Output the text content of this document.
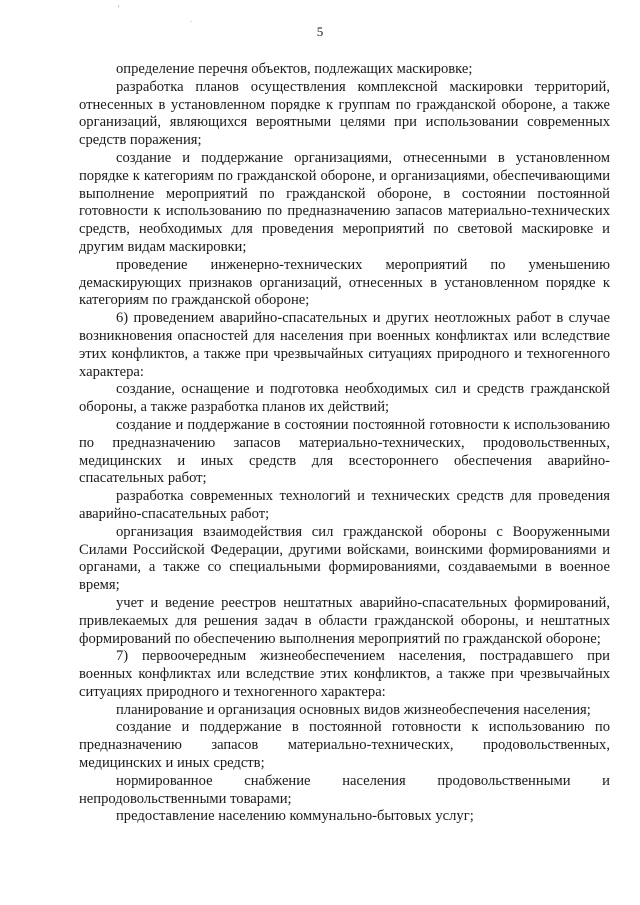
'
.
5

определение перечня объектов, подлежащих маскировке;

разработка планов осуществления комплексной маскировки территорий, отнесенных в установленном порядке к группам по гражданской обороне, а также организаций, являющихся вероятными целями при использовании современных средств поражения;

создание и поддержание организациями, отнесенными в установленном порядке к категориям по гражданской обороне, и организациями, обеспечивающими выполнение мероприятий по гражданской обороне, в состоянии постоянной готовности к использованию по предназначению запасов материально-технических средств, необходимых для проведения мероприятий по световой маскировке и другим видам маскировки;

проведение инженерно-технических мероприятий по уменьшению демаскирующих признаков организаций, отнесенных в установленном порядке к категориям по гражданской обороне;

6) проведением аварийно-спасательных и других неотложных работ в случае возникновения опасностей для населения при военных конфликтах или вследствие этих конфликтов, а также при чрезвычайных ситуациях природного и техногенного характера:

создание, оснащение и подготовка необходимых сил и средств гражданской обороны, а также разработка планов их действий;

создание и поддержание в состоянии постоянной готовности к использованию по предназначению запасов материально-технических, продовольственных, медицинских и иных средств для всестороннего обеспечения аварийно-спасательных работ;

разработка современных технологий и технических средств для проведения аварийно-спасательных работ;

организация взаимодействия сил гражданской обороны с Вооруженными Силами Российской Федерации, другими войсками, воинскими формированиями и органами, а также со специальными формированиями, создаваемыми в военное время;

учет и ведение реестров нештатных аварийно-спасательных формирований, привлекаемых для решения задач в области гражданской обороны, и нештатных формирований по обеспечению выполнения мероприятий по гражданской обороне;

7) первоочередным жизнеобеспечением населения, пострадавшего при военных конфликтах или вследствие этих конфликтов, а также при чрезвычайных ситуациях природного и техногенного характера:

планирование и организация основных видов жизнеобеспечения населения;

создание и поддержание в постоянной готовности к использованию по предназначению запасов материально-технических, продовольственных, медицинских и иных средств;

нормированное снабжение населения продовольственными и непродовольственными товарами;

предоставление населению коммунально-бытовых услуг;
